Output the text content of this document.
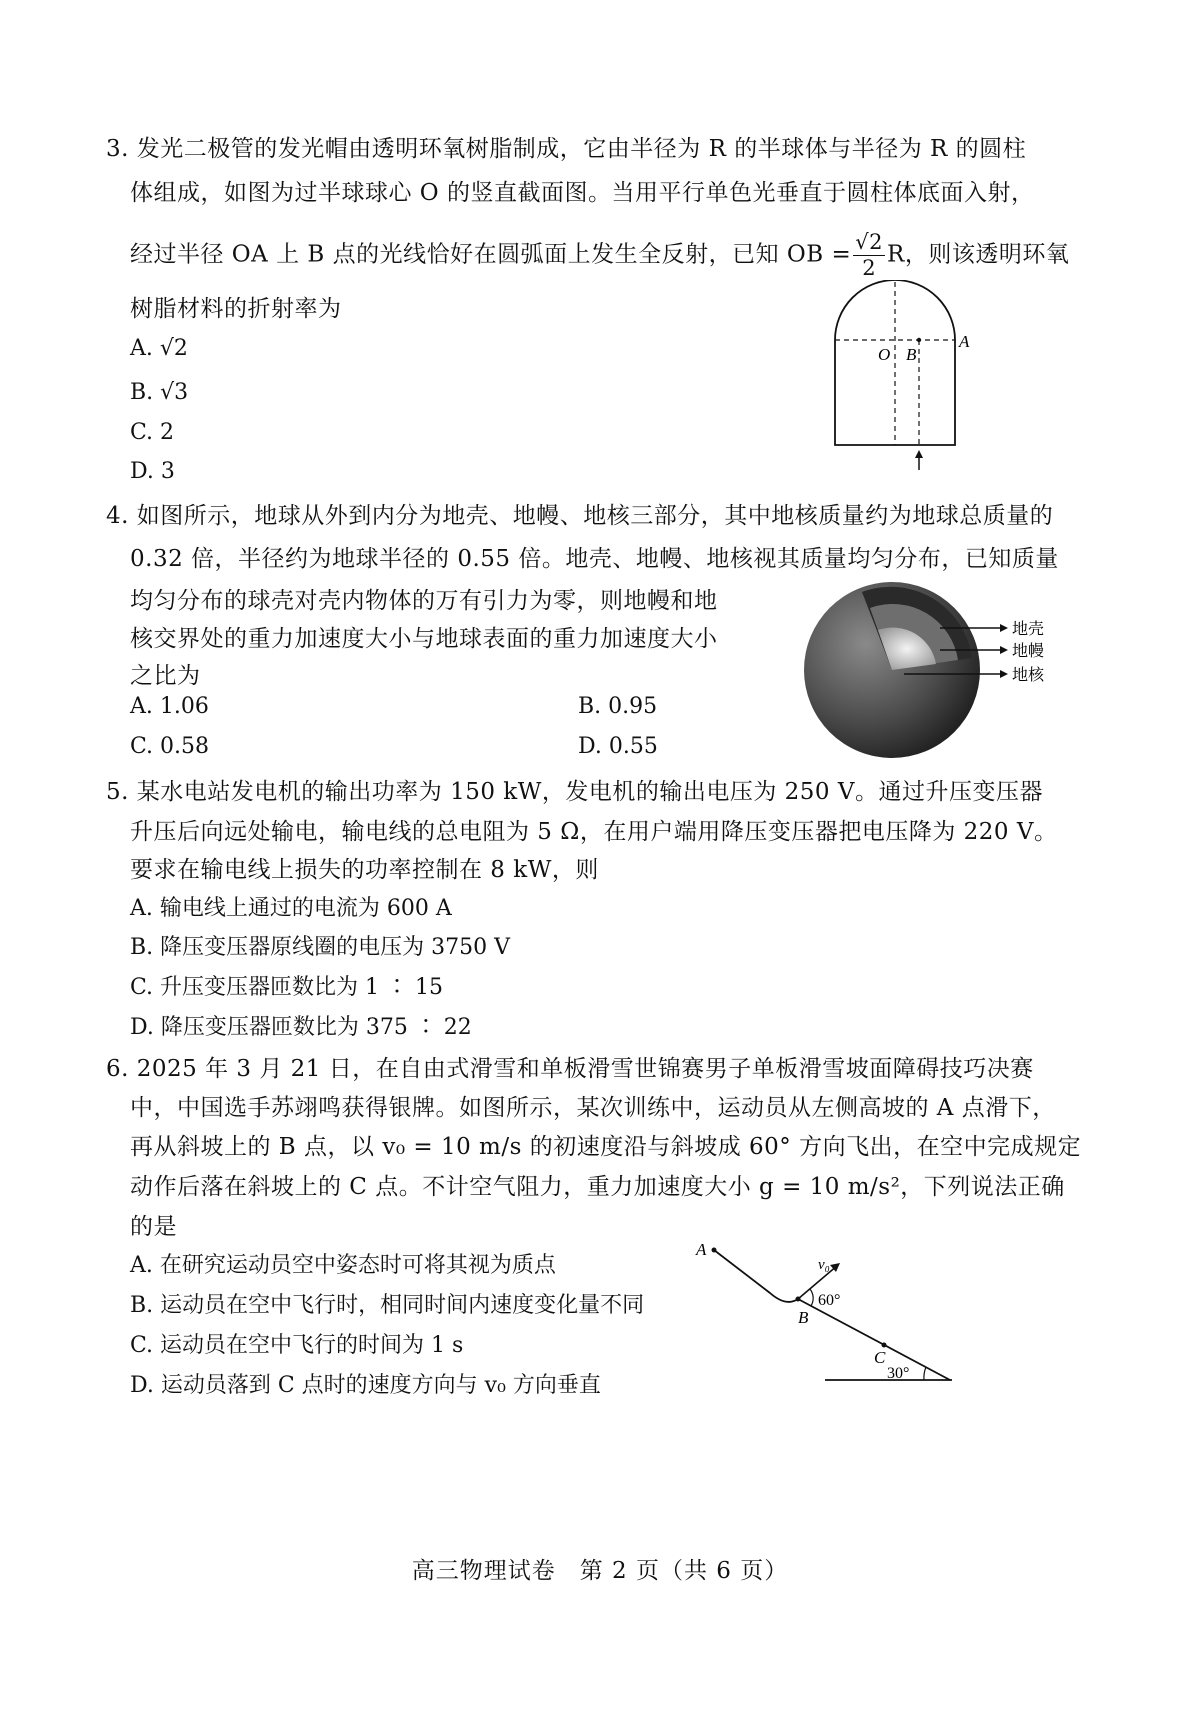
3. 发光二极管的发光帽由透明环氧树脂制成，它由半径为 R 的半球体与半径为 R 的圆柱
体组成，如图为过半球球心 O 的竖直截面图。当用平行单色光垂直于圆柱体底面入射，
经过半径 OA 上 B 点的光线恰好在圆弧面上发生全反射，已知 OB = $\frac{√2}{2}$ R，则该透明环氧
树脂材料的折射率为
A. √2
B. √3
C. 2
D. 3
O B
A
4. 如图所示，地球从外到内分为地壳、地幔、地核三部分，其中地核质量约为地球总质量的
0.32 倍，半径约为地球半径的 0.55 倍。地壳、地幔、地核视其质量均匀分布，已知质量
均匀分布的球壳对壳内物体的万有引力为零，则地幔和地
核交界处的重力加速度大小与地球表面的重力加速度大小
之比为
A. 1.06	B. 0.95
C. 0.58	D. 0.55
地壳
地幔
地核
5. 某水电站发电机的输出功率为 150 kW，发电机的输出电压为 250 V。通过升压变压器
升压后向远处输电，输电线的总电阻为 5 Ω，在用户端用降压变压器把电压降为 220 V。
要求在输电线上损失的功率控制在 8 kW，则
A. 输电线上通过的电流为 600 A
B. 降压变压器原线圈的电压为 3750 V
C. 升压变压器匝数比为 1 ∶ 15
D. 降压变压器匝数比为 375 ∶ 22
6. 2025 年 3 月 21 日，在自由式滑雪和单板滑雪世锦赛男子单板滑雪坡面障碍技巧决赛
中，中国选手苏翊鸣获得银牌。如图所示，某次训练中，运动员从左侧高坡的 A 点滑下，
再从斜坡上的 B 点，以 v₀ = 10 m/s 的初速度沿与斜坡成 60° 方向飞出，在空中完成规定
动作后落在斜坡上的 C 点。不计空气阻力，重力加速度大小 g = 10 m/s²，下列说法正确
的是
A. 在研究运动员空中姿态时可将其视为质点
B. 运动员在空中飞行时，相同时间内速度变化量不同
C. 运动员在空中飞行的时间为 1 s
D. 运动员落到 C 点时的速度方向与 v₀ 方向垂直
A
B
C
v₀
60°
30°
高三物理试卷　第 2 页（共 6 页）
